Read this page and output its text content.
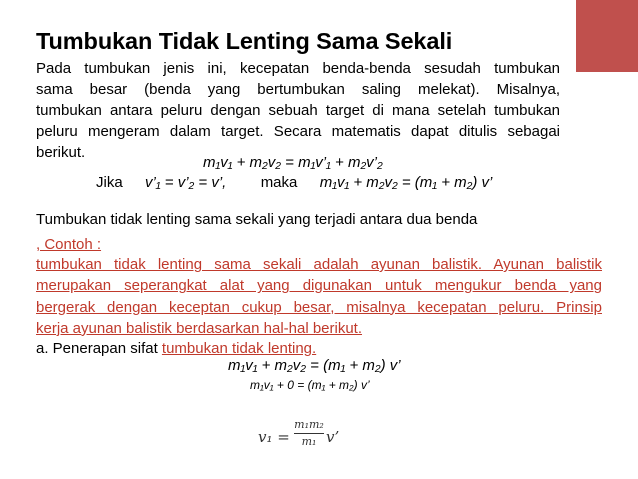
Tumbukan Tidak Lenting Sama Sekali
Pada tumbukan jenis ini, kecepatan benda-benda sesudah tumbukan
sama besar (benda yang bertumbukan saling melekat). Misalnya,
tumbukan antara peluru dengan sebuah target di mana setelah tumbukan
peluru mengeram dalam target. Secara matematis dapat ditulis sebagai
berikut.
m₁v₁ + m₂v₂ = m₁v’₁ + m₂v’₂
Jika v’₁ = v’₂ = v’, maka m₁v₁ + m₂v₂ = (m₁ + m₂) v’
Tumbukan tidak lenting sama sekali yang terjadi antara dua benda
, Contoh :
tumbukan tidak lenting sama sekali adalah ayunan balistik. Ayunan balistik
merupakan seperangkat alat yang digunakan untuk mengukur benda yang
bergerak dengan keceptan cukup besar, misalnya kecepatan peluru. Prinsip
kerja ayunan balistik berdasarkan hal-hal berikut.
a. Penerapan sifat tumbukan tidak lenting.
m₁v₁ + m₂v₂ = (m₁ + m₂) v’
m₁v₁ + 0 = (m₁ + m₂) v’
v₁ =
m₁m₂
m₁ v’
